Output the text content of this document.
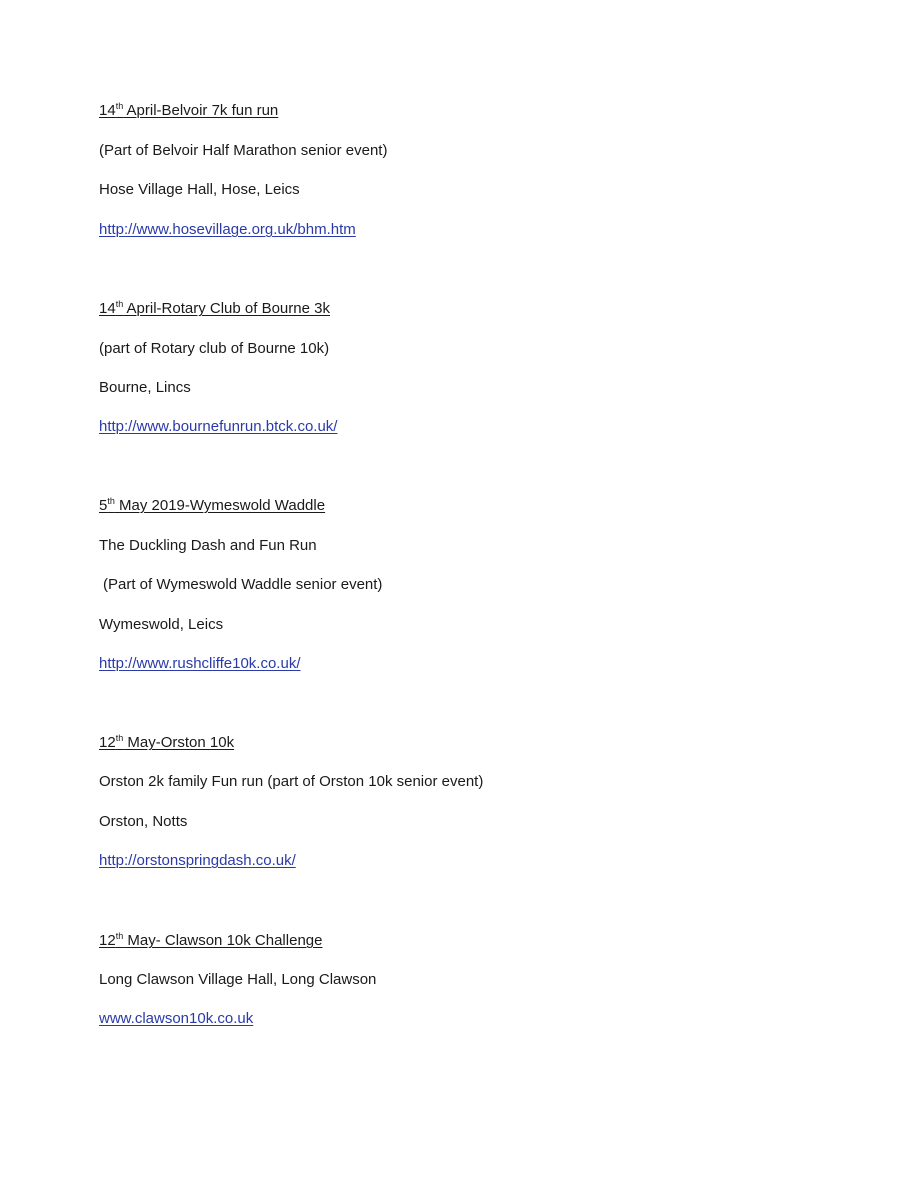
14th April-Belvoir 7k fun run
(Part of Belvoir Half Marathon senior event)
Hose Village Hall, Hose, Leics
http://www.hosevillage.org.uk/bhm.htm
14th April-Rotary Club of Bourne 3k
(part of Rotary club of Bourne 10k)
Bourne, Lincs
http://www.bournefunrun.btck.co.uk/
5th May 2019-Wymeswold Waddle
The Duckling Dash and Fun Run
(Part of Wymeswold Waddle senior event)
Wymeswold, Leics
http://www.rushcliffe10k.co.uk/
12th May-Orston 10k
Orston 2k family Fun run (part of Orston 10k senior event)
Orston, Notts
http://orstonspringdash.co.uk/
12th May- Clawson 10k Challenge
Long Clawson Village Hall, Long Clawson
www.clawson10k.co.uk
